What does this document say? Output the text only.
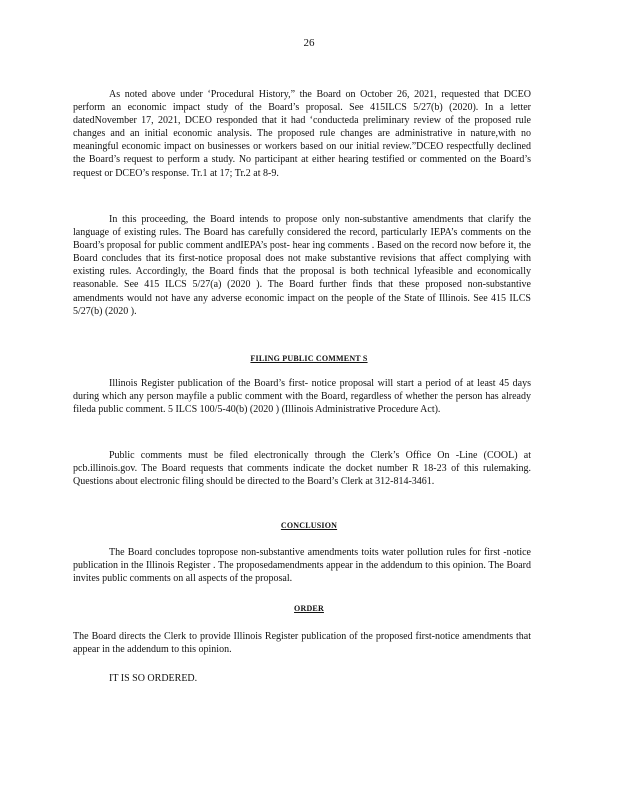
26

As noted above under ‘Procedural History,” the Board on October 26, 2021, requested that DCEO perform an economic impact study of the Board’s proposal. See 415ILCS 5/27(b) (2020). In a letter datedNovember 17, 2021, DCEO responded that it had ‘conducteda preliminary review of the proposed rule changes and an initial economic analysis. The proposed rule changes are administrative in nature,with no meaningful economic impact on businesses or workers based on our initial review.”DCEO respectfully declined the Board’s request to perform a study. No participant at either hearing testified or commented on the Board’s request or DCEO’s response. Tr.1 at 17; Tr.2 at 8-9.

In this proceeding, the Board intends to propose only non-substantive amendments that clarify the language of existing rules. The Board has carefully considered the record, particularly IEPA’s comments on the Board’s proposal for public comment andIEPA’s post- hear ing comments . Based on the record now before it, the Board concludes that its first-notice proposal does not make substantive revisions that affect complying with existing rules. Accordingly, the Board finds that the proposal is both technical lyfeasible and economically reasonable. See 415 ILCS 5/27(a) (2020 ). The Board further finds that these proposed non-substantive amendments would not have any adverse economic impact on the people of the State of Illinois. See 415 ILCS 5/27(b) (2020 ).

FILING PUBLIC COMMENT S

Illinois Register publication of the Board’s first- notice proposal will start a period of at least 45 days during which any person mayfile a public comment with the Board, regardless of whether the person has already fileda public comment. 5 ILCS 100/5-40(b) (2020 ) (Illinois Administrative Procedure Act).

Public comments must be filed electronically through the Clerk’s Office On -Line (COOL) at pcb.illinois.gov. The Board requests that comments indicate the docket number R 18-23 of this rulemaking. Questions about electronic filing should be directed to the Board’s Clerk at 312-814-3461.

CONCLUSION

The Board concludes topropose non-substantive amendments toits water pollution rules for first -notice publication in the Illinois Register . The proposedamendments appear in the addendum to this opinion. The Board invites public comments on all aspects of the proposal.

ORDER

The Board directs the Clerk to provide Illinois Register publication of the proposed first-notice amendments that appear in the addendum to this opinion.

IT IS SO ORDERED.
